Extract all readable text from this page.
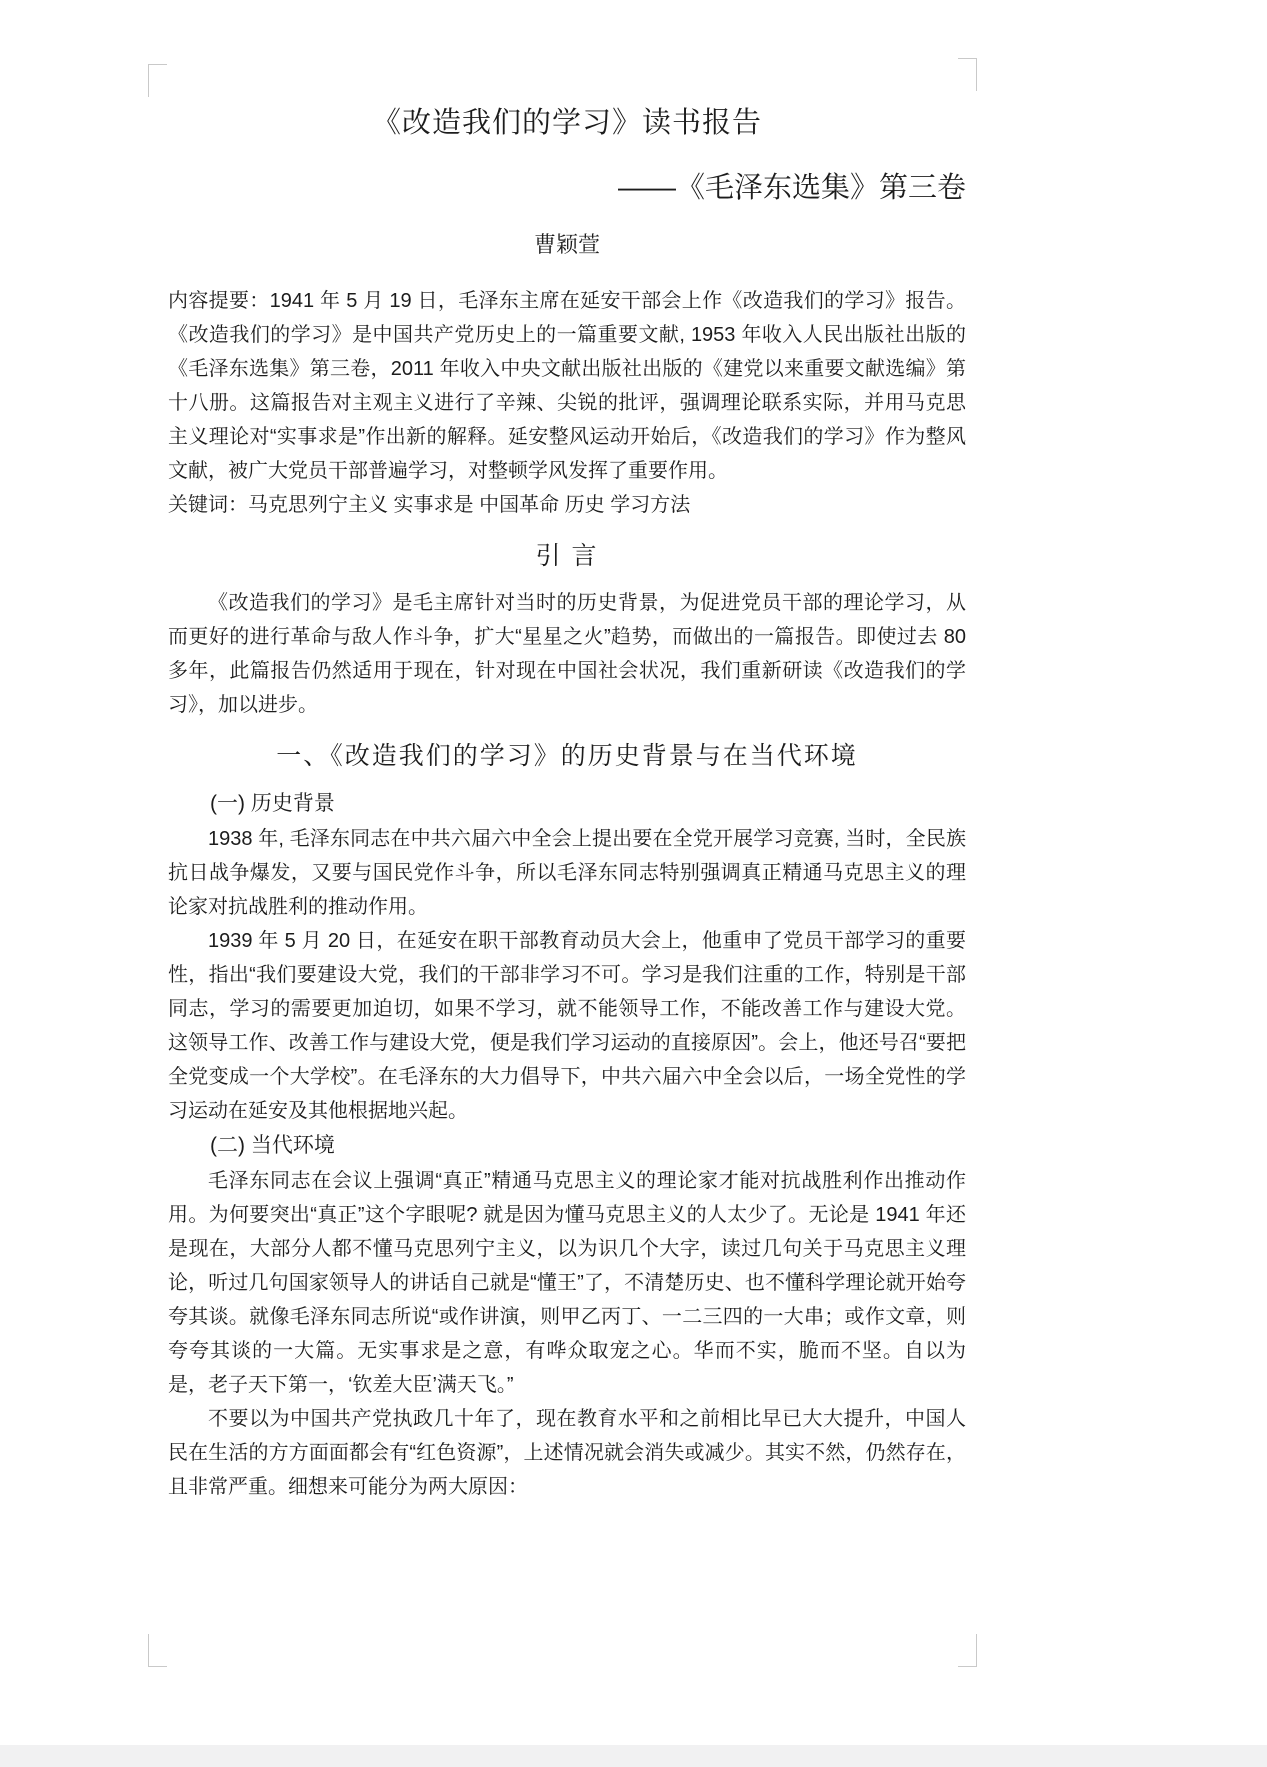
《改造我们的学习》读书报告
——《毛泽东选集》第三卷
曹颖萱

内容提要：1941 年 5 月 19 日，毛泽东主席在延安干部会上作《改造我们的学习》报告。《改造我们的学习》是中国共产党历史上的一篇重要文献, 1953 年收入人民出版社出版的《毛泽东选集》第三卷，2011 年收入中央文献出版社出版的《建党以来重要文献选编》第十八册。这篇报告对主观主义进行了辛辣、尖锐的批评，强调理论联系实际，并用马克思主义理论对“实事求是”作出新的解释。延安整风运动开始后，《改造我们的学习》作为整风文献，被广大党员干部普遍学习，对整顿学风发挥了重要作用。

关键词：马克思列宁主义 实事求是 中国革命 历史 学习方法

引 言

《改造我们的学习》是毛主席针对当时的历史背景，为促进党员干部的理论学习，从而更好的进行革命与敌人作斗争，扩大“星星之火”趋势，而做出的一篇报告。即使过去 80 多年，此篇报告仍然适用于现在，针对现在中国社会状况，我们重新研读《改造我们的学习》，加以进步。

一、《改造我们的学习》的历史背景与在当代环境
(一) 历史背景

1938 年, 毛泽东同志在中共六届六中全会上提出要在全党开展学习竞赛, 当时，全民族抗日战争爆发，又要与国民党作斗争，所以毛泽东同志特别强调真正精通马克思主义的理论家对抗战胜利的推动作用。

1939 年 5 月 20 日，在延安在职干部教育动员大会上，他重申了党员干部学习的重要性，指出“我们要建设大党，我们的干部非学习不可。学习是我们注重的工作，特别是干部同志，学习的需要更加迫切，如果不学习，就不能领导工作，不能改善工作与建设大党。这领导工作、改善工作与建设大党，便是我们学习运动的直接原因”。会上，他还号召“要把全党变成一个大学校”。在毛泽东的大力倡导下，中共六届六中全会以后，一场全党性的学习运动在延安及其他根据地兴起。

(二) 当代环境

毛泽东同志在会议上强调“真正”精通马克思主义的理论家才能对抗战胜利作出推动作用。为何要突出“真正”这个字眼呢? 就是因为懂马克思主义的人太少了。无论是 1941 年还是现在，大部分人都不懂马克思列宁主义，以为识几个大字，读过几句关于马克思主义理论，听过几句国家领导人的讲话自己就是“懂王”了，不清楚历史、也不懂科学理论就开始夸夸其谈。就像毛泽东同志所说“或作讲演，则甲乙丙丁、一二三四的一大串；或作文章，则夸夸其谈的一大篇。无实事求是之意，有哗众取宠之心。华而不实，脆而不坚。自以为是，老子天下第一，‘钦差大臣’满天飞。”

不要以为中国共产党执政几十年了，现在教育水平和之前相比早已大大提升，中国人民在生活的方方面面都会有“红色资源”，上述情况就会消失或减少。其实不然，仍然存在，且非常严重。细想来可能分为两大原因：
